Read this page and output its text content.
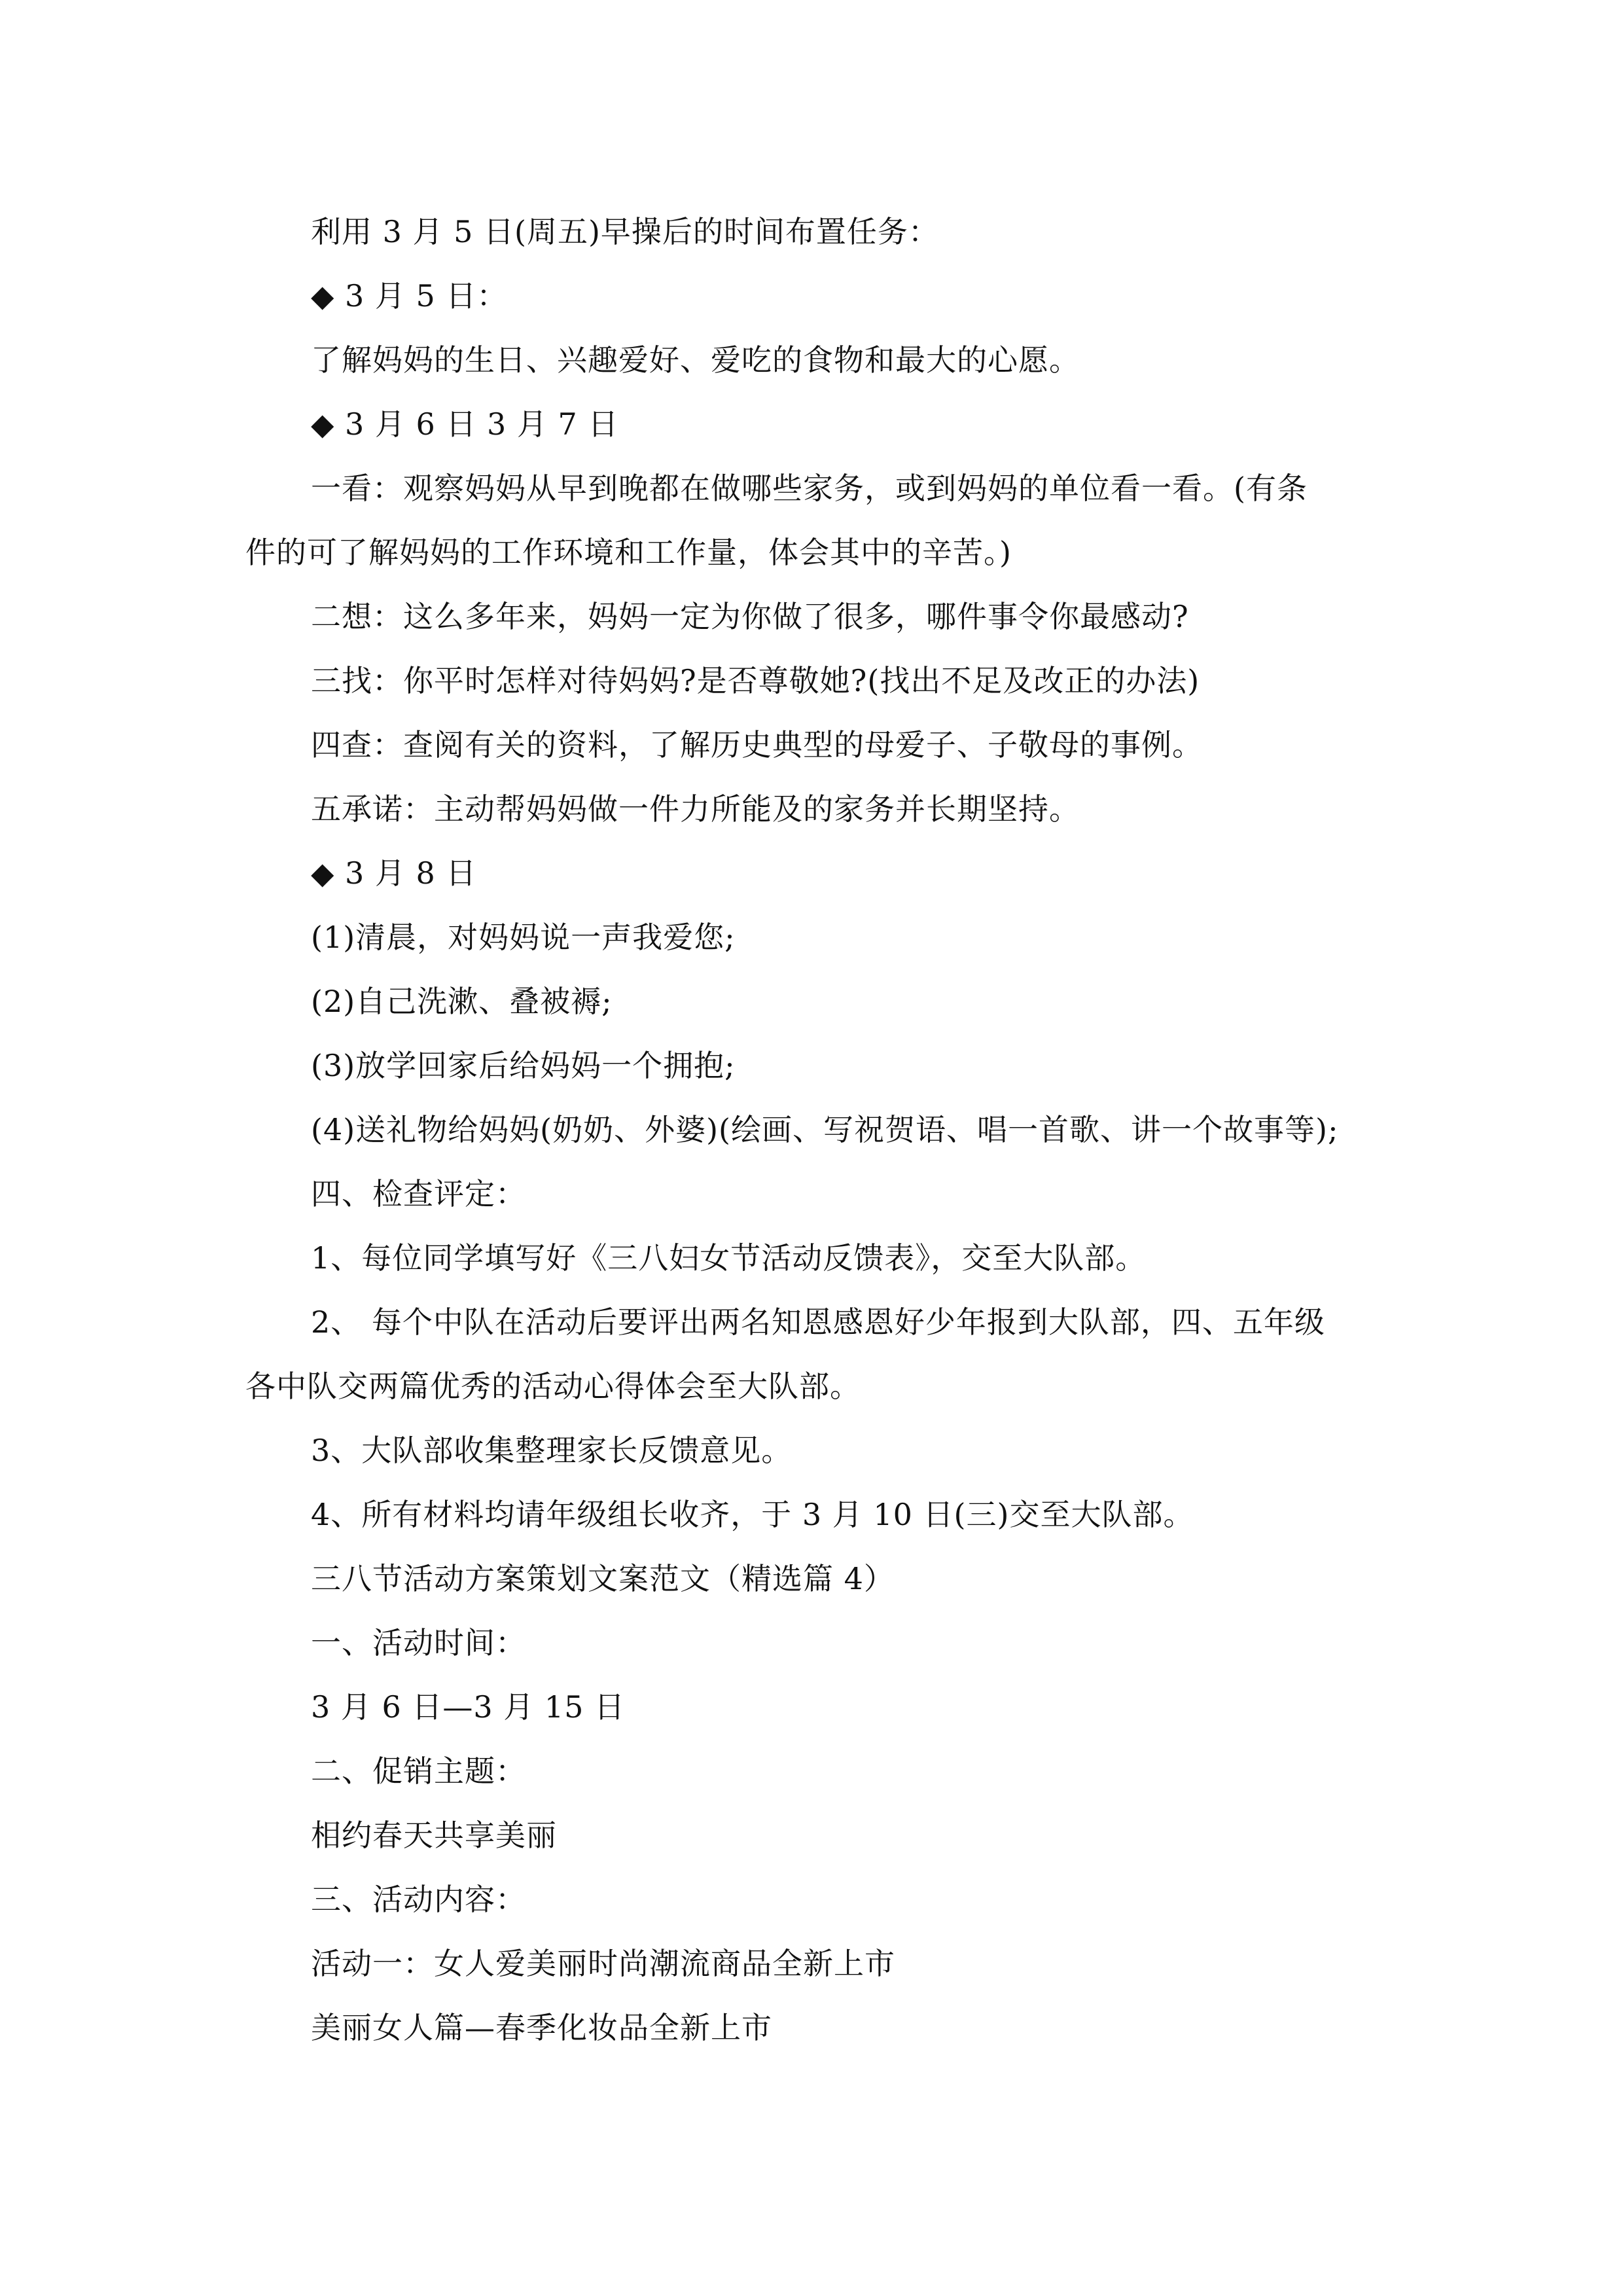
利用 3 月 5 日(周五)早操后的时间布置任务：
◆ 3 月 5 日：
了解妈妈的生日、兴趣爱好、爱吃的食物和最大的心愿。
◆ 3 月 6 日 3 月 7 日
一看：观察妈妈从早到晚都在做哪些家务，或到妈妈的单位看一看。(有条
件的可了解妈妈的工作环境和工作量，体会其中的辛苦。)
二想：这么多年来，妈妈一定为你做了很多，哪件事令你最感动?
三找：你平时怎样对待妈妈?是否尊敬她?(找出不足及改正的办法)
四查：查阅有关的资料，了解历史典型的母爱子、子敬母的事例。
五承诺：主动帮妈妈做一件力所能及的家务并长期坚持。
◆ 3 月 8 日
(1)清晨，对妈妈说一声我爱您;
(2)自己洗漱、叠被褥;
(3)放学回家后给妈妈一个拥抱;
(4)送礼物给妈妈(奶奶、外婆)(绘画、写祝贺语、唱一首歌、讲一个故事等);
四、检查评定：
1、每位同学填写好《三八妇女节活动反馈表》，交至大队部。
2、 每个中队在活动后要评出两名知恩感恩好少年报到大队部，四、五年级
各中队交两篇优秀的活动心得体会至大队部。
3、大队部收集整理家长反馈意见。
4、所有材料均请年级组长收齐，于 3 月 10 日(三)交至大队部。
三八节活动方案策划文案范文（精选篇 4）
一、活动时间：
3 月 6 日—3 月 15 日
二、促销主题：
相约春天共享美丽
三、活动内容：
活动一：女人爱美丽时尚潮流商品全新上市
美丽女人篇—春季化妆品全新上市
